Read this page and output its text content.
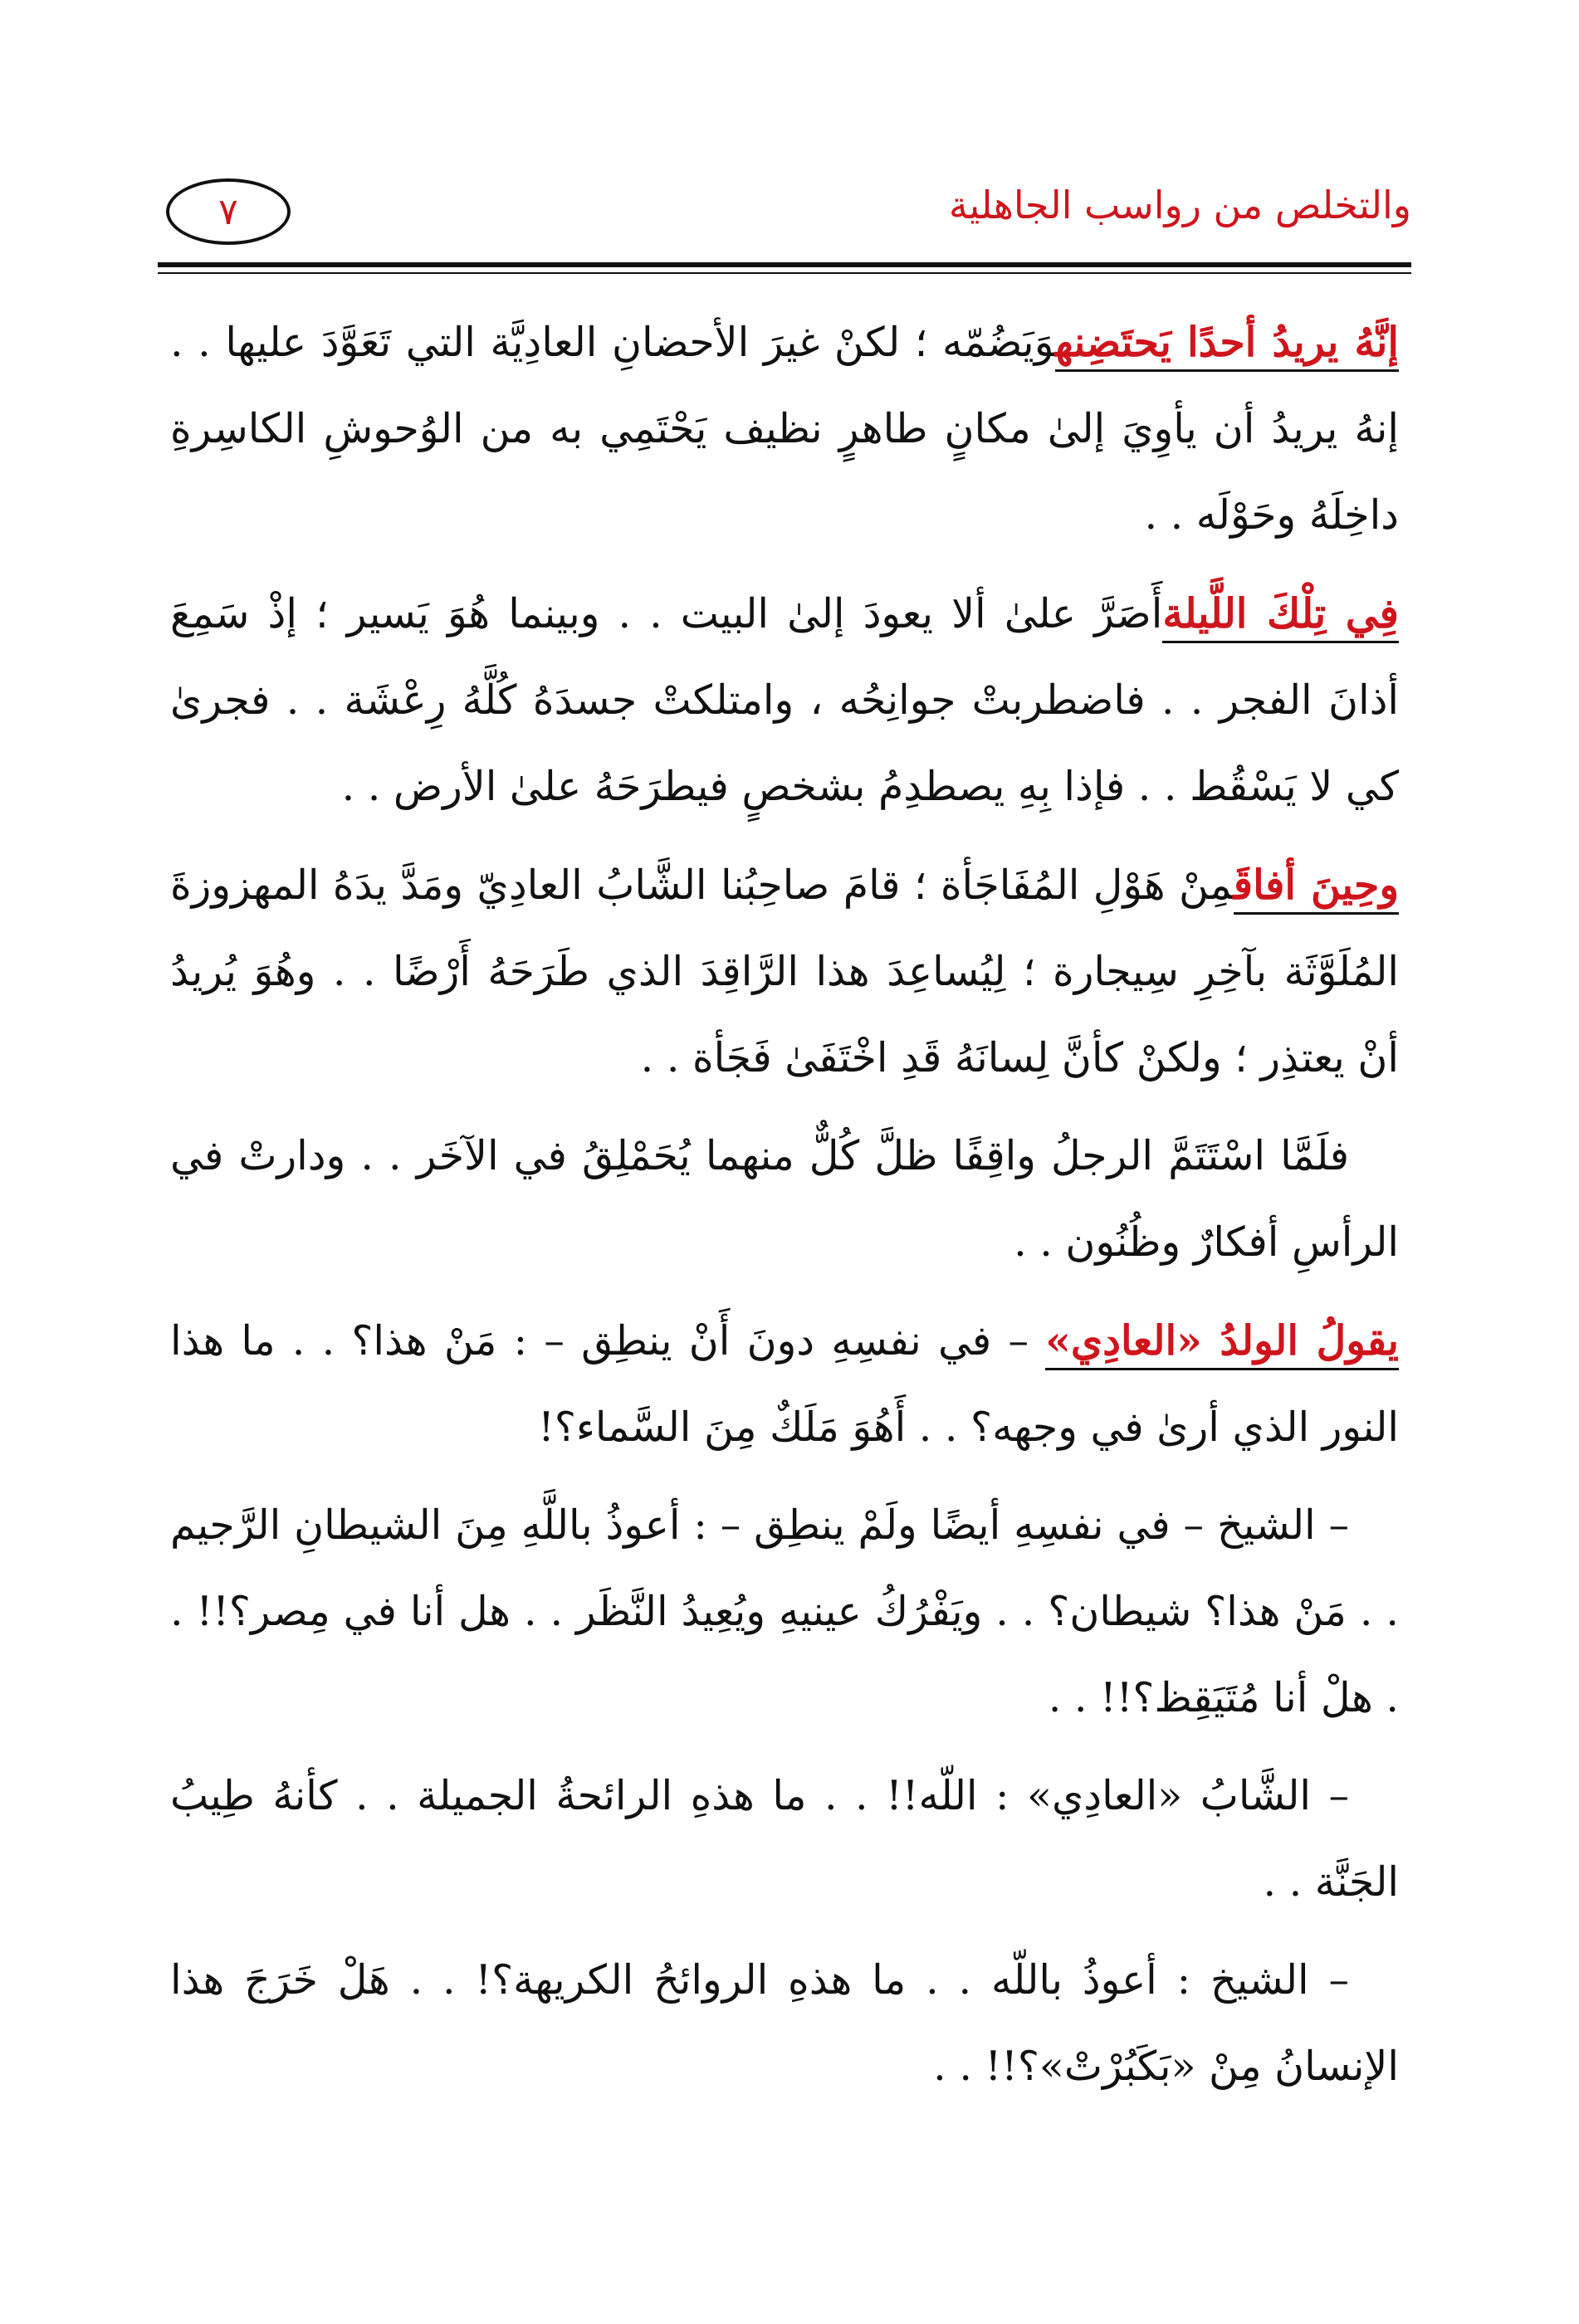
والتخلص من رواسب الجاهلية
٧

إنَّهُ يريدُ أحدًا يَحتَضِنهوَيَضُمّه ؛ لكنْ غيرَ الأحضانِ العادِيَّة التي تَعَوَّدَ عليها . . إنهُ يريدُ أن يأوِيَ إلىٰ مكانٍ طاهرٍ نظيف يَحْتَمِي به من الوُحوشِ الكاسِرةِ داخِلَهُ وحَوْلَه . .

فِي تِلْكَ اللَّيلةأَصَرَّ علىٰ ألا يعودَ إلىٰ البيت . . وبينما هُوَ يَسير ؛ إذْ سَمِعَ أذانَ الفجر . . فاضطربتْ جوانِحُه ، وامتلكتْ جسدَهُ كُلَّهُ رِعْشَة . . فجرىٰ كي لا يَسْقُط . . فإذا بِهِ يصطدِمُ بشخصٍ فيطرَحَهُ علىٰ الأرض . .

وحِينَ أفاقَمِنْ هَوْلِ المُفَاجَأة ؛ قامَ صاحِبُنا الشَّابُ العادِيّ ومَدَّ يدَهُ المهزوزةَ المُلَوَّثَة بآخِرِ سِيجارة ؛ لِيُساعِدَ هذا الرَّاقِدَ الذي طَرَحَهُ أَرْضًا . . وهُوَ يُريدُ أنْ يعتذِر ؛ ولكنْ كأنَّ لِسانَهُ قَدِ اخْتَفَىٰ فَجَأة . .

فلَمَّا اسْتَتَمَّ الرجلُ واقِفًا ظلَّ كُلٌّ منهما يُحَمْلِقُ في الآخَر . . ودارتْ في الرأسِ أفكارٌ وظُنُون . .

يقولُ الولدُ «العادِي» – في نفسِهِ دونَ أَنْ ينطِق – : مَنْ هذا؟ . . ما هذا النور الذي أرىٰ في وجهه؟ . . أَهُوَ مَلَكٌ مِنَ السَّماء؟!

– الشيخ – في نفسِهِ أيضًا ولَمْ ينطِق – : أعوذُ باللَّهِ مِنَ الشيطانِ الرَّجيم . . مَنْ هذا؟ شيطان؟ . . ويَفْرُكُ عينيهِ ويُعِيدُ النَّظَر . . هل أنا في مِصر؟!! . . هلْ أنا مُتَيَقِظ؟!! . .

– الشَّابُ «العادِي» : اللّه!! . . ما هذهِ الرائحةُ الجميلة . . كأنهُ طِيبُ الجَنَّة . .

– الشيخ : أعوذُ باللّه . . ما هذهِ الروائحُ الكريهة؟! . . هَلْ خَرَجَ هذا الإنسانُ مِنْ «بَكَبُرْتْ»؟!! . .
